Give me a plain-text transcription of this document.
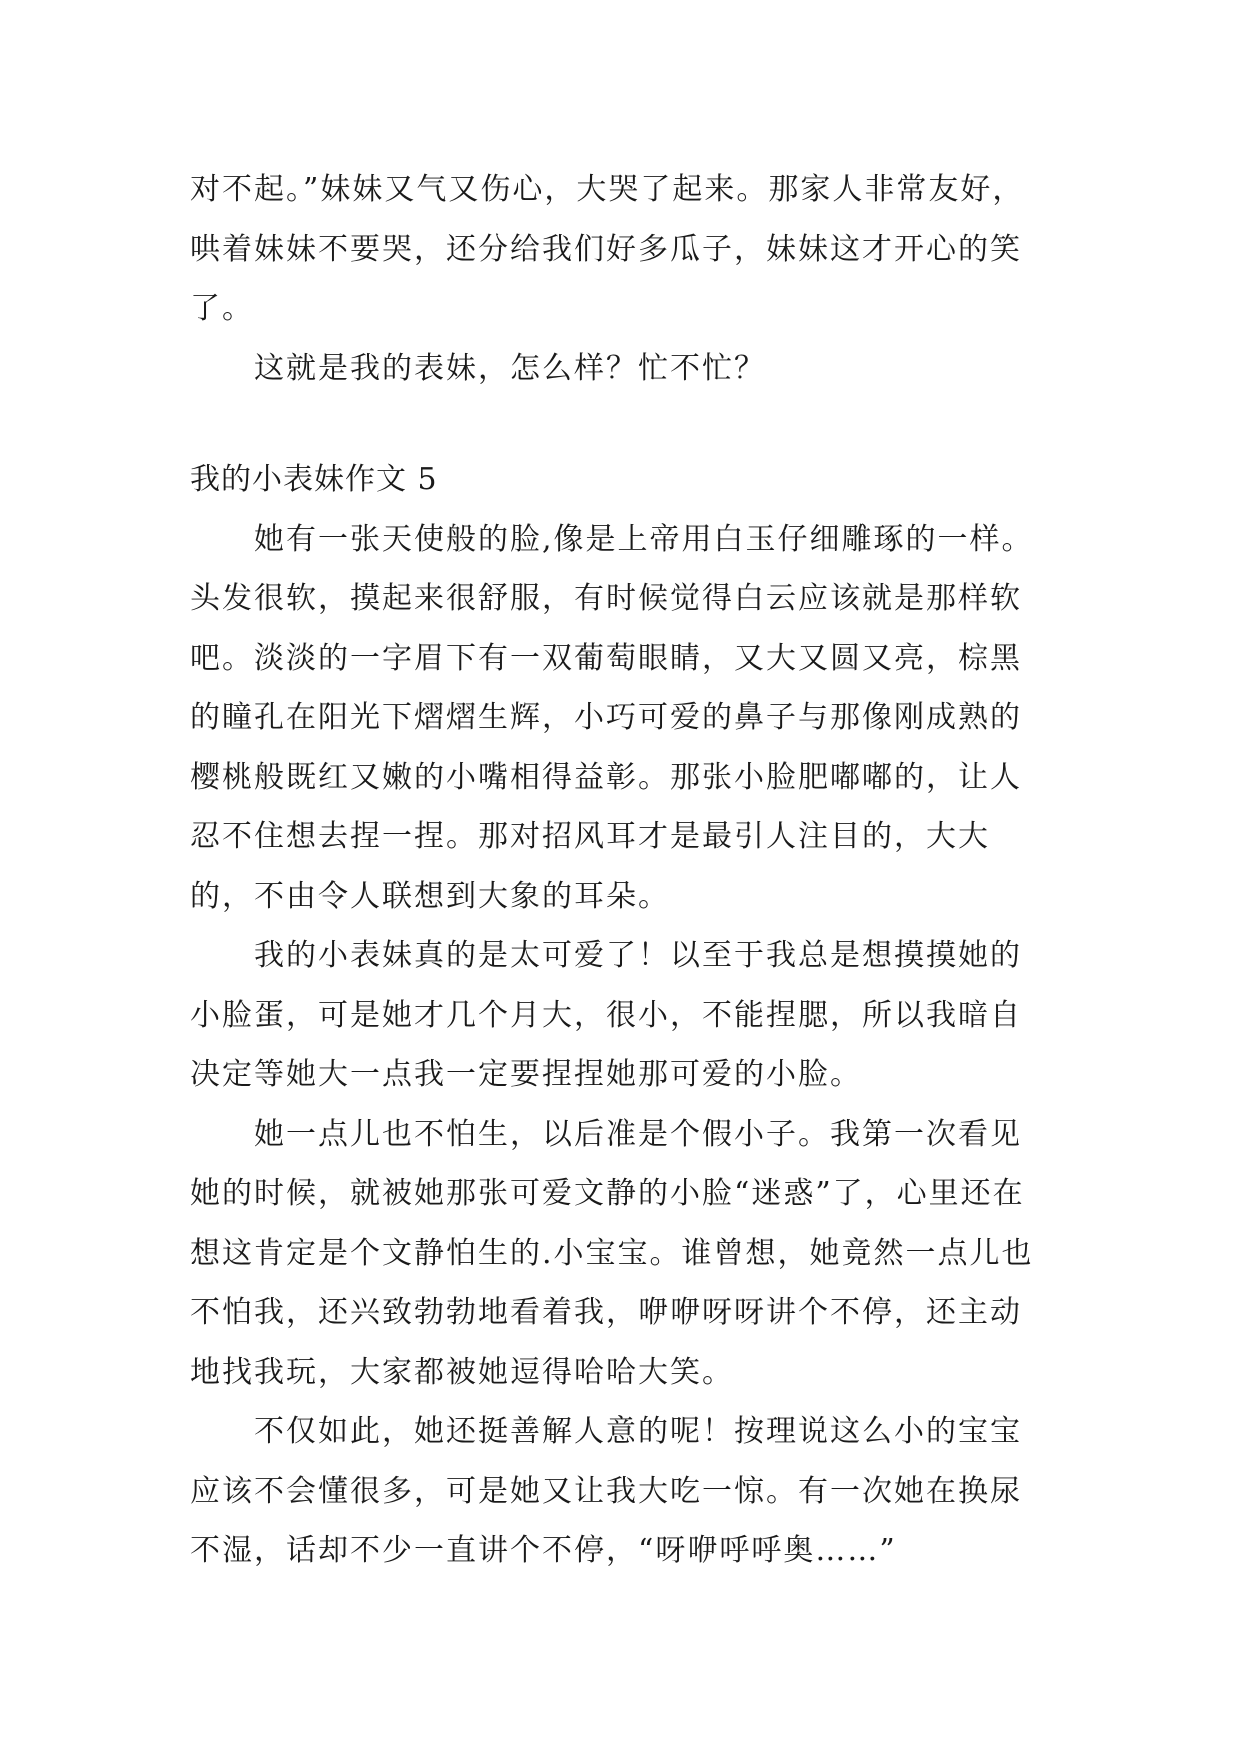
对不起。”妹妹又气又伤心，大哭了起来。那家人非常友好，哄着妹妹不要哭，还分给我们好多瓜子，妹妹这才开心的笑了。

这就是我的表妹，怎么样？忙不忙？

我的小表妹作文 5

她有一张天使般的脸,像是上帝用白玉仔细雕琢的一样。头发很软，摸起来很舒服，有时候觉得白云应该就是那样软吧。淡淡的一字眉下有一双葡萄眼睛，又大又圆又亮，棕黑的瞳孔在阳光下熠熠生辉，小巧可爱的鼻子与那像刚成熟的樱桃般既红又嫩的小嘴相得益彰。那张小脸肥嘟嘟的，让人忍不住想去捏一捏。那对招风耳才是最引人注目的，大大的，不由令人联想到大象的耳朵。

我的小表妹真的是太可爱了！以至于我总是想摸摸她的小脸蛋，可是她才几个月大，很小，不能捏腮，所以我暗自决定等她大一点我一定要捏捏她那可爱的小脸。

她一点儿也不怕生，以后准是个假小子。我第一次看见她的时候，就被她那张可爱文静的小脸“迷惑”了，心里还在想这肯定是个文静怕生的.小宝宝。谁曾想，她竟然一点儿也不怕我，还兴致勃勃地看着我，咿咿呀呀讲个不停，还主动地找我玩，大家都被她逗得哈哈大笑。

不仅如此，她还挺善解人意的呢！按理说这么小的宝宝应该不会懂很多，可是她又让我大吃一惊。有一次她在换尿不湿，话却不少一直讲个不停，“呀咿呼呼奥……”
